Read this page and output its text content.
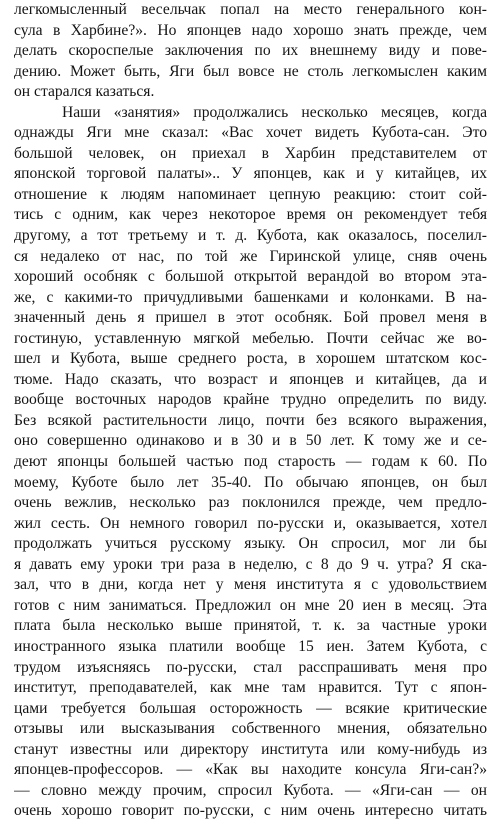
легкомысленный весельчак попал на место генерального кон-
сула в Харбине?». Но японцев надо хорошо знать прежде, чем
делать скороспелые заключения по их внешнему виду и пове-
дению. Может быть, Яги был вовсе не столь легкомыслен каким
он старался казаться.
Наши «занятия» продолжались несколько месяцев, когда
однажды Яги мне сказал: «Вас хочет видеть Кубота-сан. Это
большой человек, он приехал в Харбин представителем от
японской торговой палаты».. У японцев, как и у китайцев, их
отношение к людям напоминает цепную реакцию: стоит сой-
тись с одним, как через некоторое время он рекомендует тебя
другому, а тот третьему и т. д. Кубота, как оказалось, поселил-
ся недалеко от нас, по той же Гиринской улице, сняв очень
хороший особняк с большой открытой верандой во втором эта-
же, с какими-то причудливыми башенками и колонками. В на-
значенный день я пришел в этот особняк. Бой провел меня в
гостиную, уставленную мягкой мебелью. Почти сейчас же во-
шел и Кубота, выше среднего роста, в хорошем штатском кос-
тюме. Надо сказать, что возраст и японцев и китайцев, да и
вообще восточных народов крайне трудно определить по виду.
Без всякой растительности лицо, почти без всякого выражения,
оно совершенно одинаково и в 30 и в 50 лет. К тому же и се-
деют японцы большей частью под старость — годам к 60. По
моему, Куботе было лет 35-40. По обычаю японцев, он был
очень вежлив, несколько раз поклонился прежде, чем предло-
жил сесть. Он немного говорил по-русски и, оказывается, хотел
продолжать учиться русскому языку. Он спросил, мог ли бы
я давать ему уроки три раза в неделю, с 8 до 9 ч. утра? Я ска-
зал, что в дни, когда нет у меня института я с удовольствием
готов с ним заниматься. Предложил он мне 20 иен в месяц. Эта
плата была несколько выше принятой, т. к. за частные уроки
иностранного языка платили вообще 15 иен. Затем Кубота, с
трудом изъясняясь по-русски, стал расспрашивать меня про
институт, преподавателей, как мне там нравится. Тут с япон-
цами требуется большая осторожность — всякие критические
отзывы или высказывания собственного мнения, обязательно
станут известны или директору института или кому-нибудь из
японцев-профессоров. — «Как вы находите консула Яги-сан?»
— словно между прочим, спросил Кубота. — «Яги-сан — он
очень хорошо говорит по-русски, с ним очень интересно читать
